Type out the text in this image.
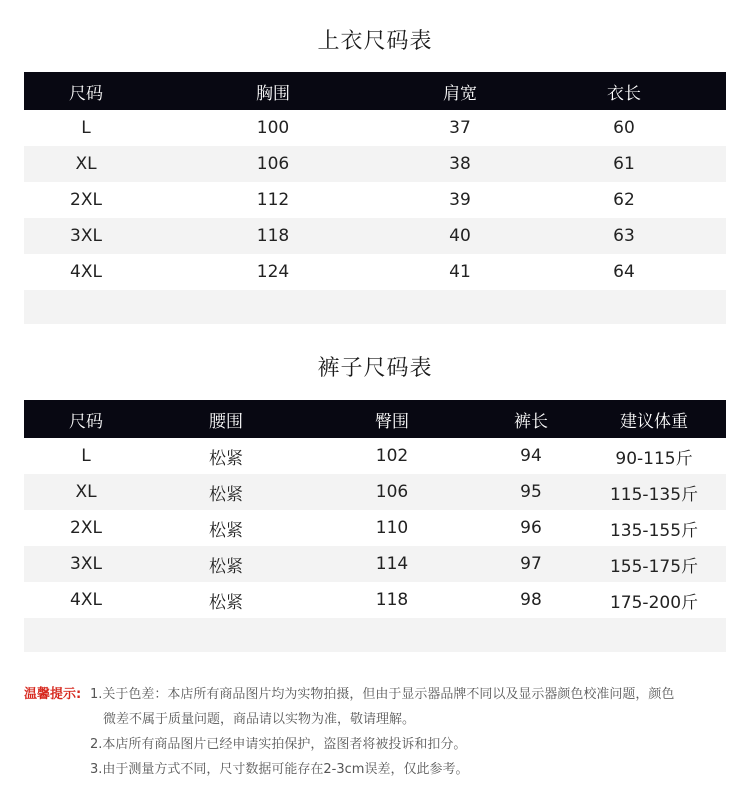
上衣尺码表
尺码	胸围	肩宽	衣长
L	100	37	60
XL	106	38	61
2XL	112	39	62
3XL	118	40	63
4XL	124	41	64

裤子尺码表
尺码	腰围	臀围	裤长	建议体重
L	松紧	102	94	90-115斤
XL	松紧	106	95	115-135斤
2XL	松紧	110	96	135-155斤
3XL	松紧	114	97	155-175斤
4XL	松紧	118	98	175-200斤

温馨提示: 1.关于色差：本店所有商品图片均为实物拍摄，但由于显示器品牌不同以及显示器颜色校准问题，颜色
微差不属于质量问题，商品请以实物为准，敬请理解。
2.本店所有商品图片已经申请实拍保护，盗图者将被投诉和扣分。
3.由于测量方式不同，尺寸数据可能存在2-3cm误差，仅此参考。
